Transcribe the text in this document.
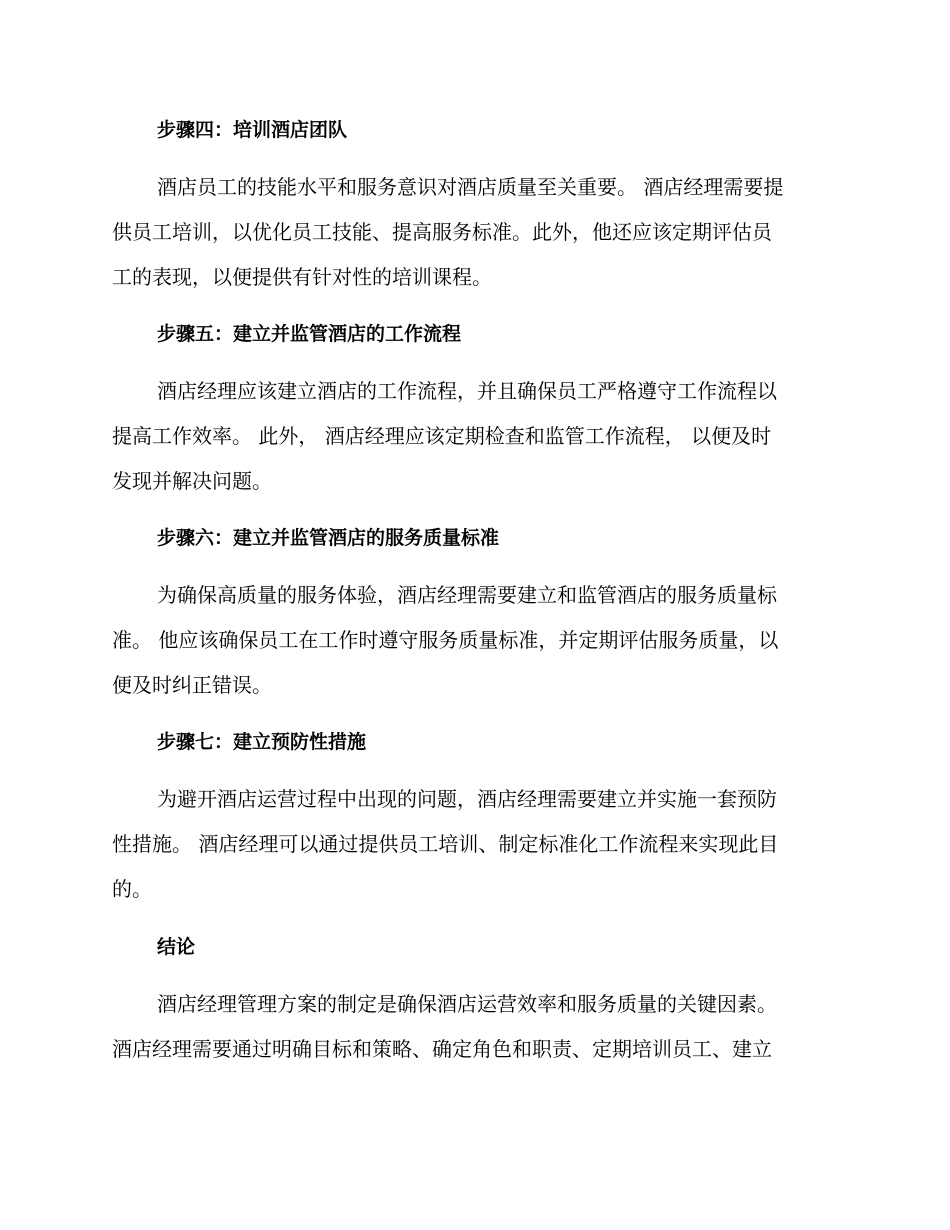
步骤四：培训酒店团队
酒店员工的技能水平和服务意识对酒店质量至关重要。 酒店经理需要提
供员工培训，以优化员工技能、提高服务标准。此外，他还应该定期评估员
工的表现，以便提供有针对性的培训课程。
步骤五：建立并监管酒店的工作流程
酒店经理应该建立酒店的工作流程，并且确保员工严格遵守工作流程以
提高工作效率。 此外， 酒店经理应该定期检查和监管工作流程， 以便及时
发现并解决问题。
步骤六：建立并监管酒店的服务质量标准
为确保高质量的服务体验，酒店经理需要建立和监管酒店的服务质量标
准。 他应该确保员工在工作时遵守服务质量标准，并定期评估服务质量，以
便及时纠正错误。
步骤七：建立预防性措施
为避开酒店运营过程中出现的问题，酒店经理需要建立并实施一套预防
性措施。 酒店经理可以通过提供员工培训、制定标准化工作流程来实现此目
的。
结论
酒店经理管理方案的制定是确保酒店运营效率和服务质量的关键因素。
酒店经理需要通过明确目标和策略、确定角色和职责、定期培训员工、建立
